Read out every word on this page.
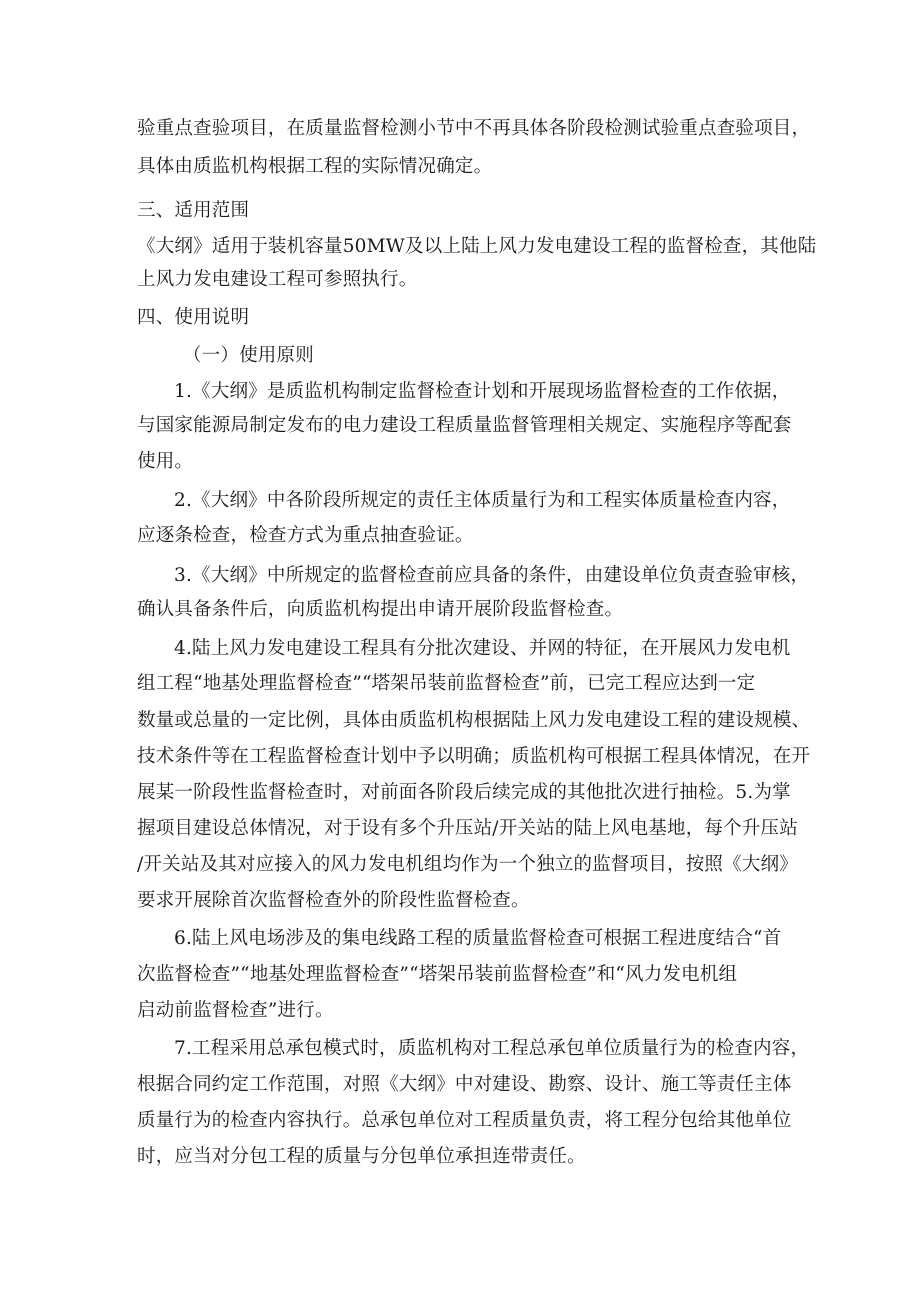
验重点查验项目，在质量监督检测小节中不再具体各阶段检测试验重点查验项目，
具体由质监机构根据工程的实际情况确定。
三、适用范围
《大纲》适用于装机容量50MW及以上陆上风力发电建设工程的监督检查，其他陆
上风力发电建设工程可参照执行。
四、使用说明
（一）使用原则
1.《大纲》是质监机构制定监督检查计划和开展现场监督检查的工作依据，
与国家能源局制定发布的电力建设工程质量监督管理相关规定、实施程序等配套
使用。
2.《大纲》中各阶段所规定的责任主体质量行为和工程实体质量检查内容，
应逐条检查，检查方式为重点抽查验证。
3.《大纲》中所规定的监督检查前应具备的条件，由建设单位负责查验审核，
确认具备条件后，向质监机构提出申请开展阶段监督检查。
4.陆上风力发电建设工程具有分批次建设、并网的特征，在开展风力发电机
组工程“地基处理监督检查”“塔架吊装前监督检查”前，已完工程应达到一定
数量或总量的一定比例，具体由质监机构根据陆上风力发电建设工程的建设规模、
技术条件等在工程监督检查计划中予以明确；质监机构可根据工程具体情况，在开
展某一阶段性监督检查时，对前面各阶段后续完成的其他批次进行抽检。5.为掌
握项目建设总体情况，对于设有多个升压站/开关站的陆上风电基地，每个升压站
/开关站及其对应接入的风力发电机组均作为一个独立的监督项目，按照《大纲》
要求开展除首次监督检查外的阶段性监督检查。
6.陆上风电场涉及的集电线路工程的质量监督检查可根据工程进度结合“首
次监督检查”“地基处理监督检查”“塔架吊装前监督检查”和“风力发电机组
启动前监督检查”进行。
7.工程采用总承包模式时，质监机构对工程总承包单位质量行为的检查内容，
根据合同约定工作范围，对照《大纲》中对建设、勘察、设计、施工等责任主体
质量行为的检查内容执行。总承包单位对工程质量负责，将工程分包给其他单位
时，应当对分包工程的质量与分包单位承担连带责任。
